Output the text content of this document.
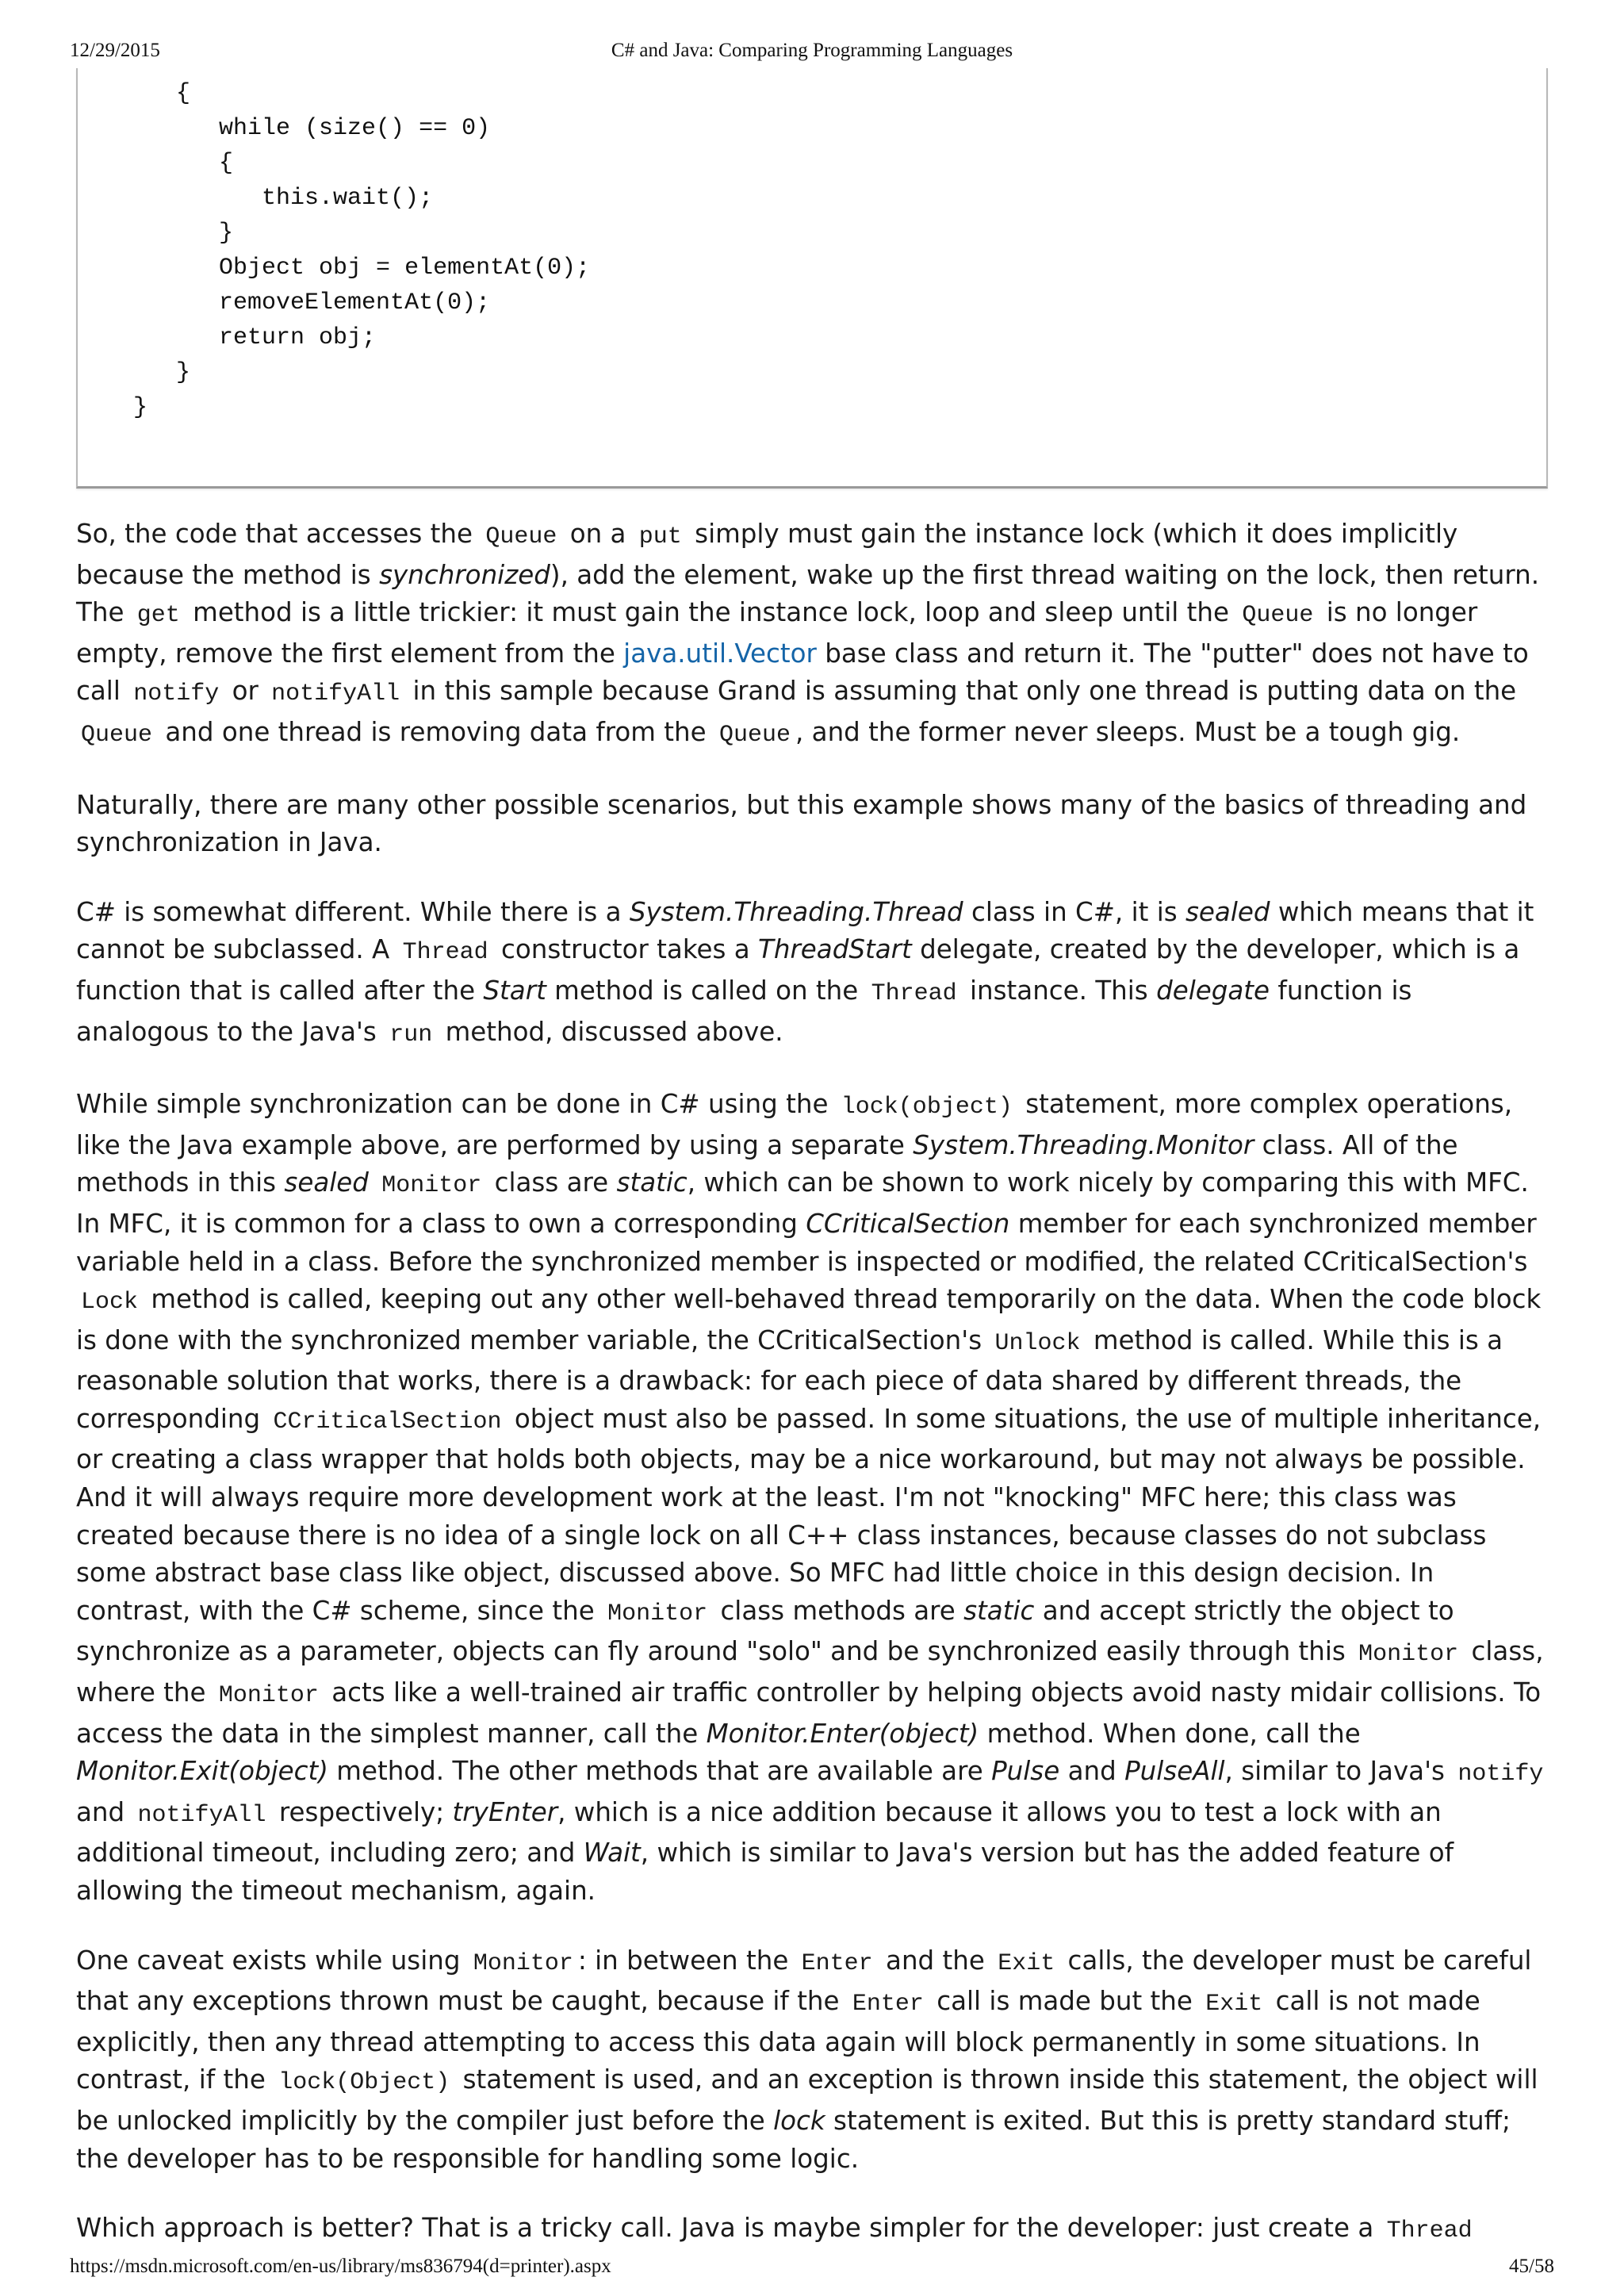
12/29/2015	C# and Java: Comparing Programming Languages
{
while (size() == 0)
{
this.wait();
}
Object obj = elementAt(0);
removeElementAt(0);
return obj;
}
}

So, the code that accesses the Queue on a put simply must gain the instance lock (which it does implicitly because the method is synchronized), add the element, wake up the first thread waiting on the lock, then return. The get method is a little trickier: it must gain the instance lock, loop and sleep until the Queue is no longer empty, remove the first element from the java.util.Vector base class and return it. The "putter" does not have to call notify or notifyAll in this sample because Grand is assuming that only one thread is putting data on the Queue and one thread is removing data from the Queue , and the former never sleeps. Must be a tough gig.

Naturally, there are many other possible scenarios, but this example shows many of the basics of threading and synchronization in Java.

C# is somewhat different. While there is a System.Threading.Thread class in C#, it is sealed which means that it cannot be subclassed. A Thread constructor takes a ThreadStart delegate, created by the developer, which is a function that is called after the Start method is called on the Thread instance. This delegate function is analogous to the Java's run method, discussed above.

While simple synchronization can be done in C# using the lock(object) statement, more complex operations, like the Java example above, are performed by using a separate System.Threading.Monitor class. All of the methods in this sealed Monitor class are static, which can be shown to work nicely by comparing this with MFC. In MFC, it is common for a class to own a corresponding CCriticalSection member for each synchronized member variable held in a class. Before the synchronized member is inspected or modified, the related CCriticalSection's Lock method is called, keeping out any other well-behaved thread temporarily on the data. When the code block is done with the synchronized member variable, the CCriticalSection's Unlock method is called. While this is a reasonable solution that works, there is a drawback: for each piece of data shared by different threads, the corresponding CCriticalSection object must also be passed. In some situations, the use of multiple inheritance, or creating a class wrapper that holds both objects, may be a nice workaround, but may not always be possible. And it will always require more development work at the least. I'm not "knocking" MFC here; this class was created because there is no idea of a single lock on all C++ class instances, because classes do not subclass some abstract base class like object, discussed above. So MFC had little choice in this design decision. In contrast, with the C# scheme, since the Monitor class methods are static and accept strictly the object to synchronize as a parameter, objects can fly around "solo" and be synchronized easily through this Monitor class, where the Monitor acts like a well-trained air traffic controller by helping objects avoid nasty midair collisions. To access the data in the simplest manner, call the Monitor.Enter(object) method. When done, call the Monitor.Exit(object) method. The other methods that are available are Pulse and PulseAll, similar to Java's notify and notifyAll respectively; tryEnter, which is a nice addition because it allows you to test a lock with an additional timeout, including zero; and Wait, which is similar to Java's version but has the added feature of allowing the timeout mechanism, again.

One caveat exists while using Monitor : in between the Enter and the Exit calls, the developer must be careful that any exceptions thrown must be caught, because if the Enter call is made but the Exit call is not made explicitly, then any thread attempting to access this data again will block permanently in some situations. In contrast, if the lock(Object) statement is used, and an exception is thrown inside this statement, the object will be unlocked implicitly by the compiler just before the lock statement is exited. But this is pretty standard stuff; the developer has to be responsible for handling some logic.

Which approach is better? That is a tricky call. Java is maybe simpler for the developer: just create a Thread

https://msdn.microsoft.com/en-us/library/ms836794(d=printer).aspx	45/58
